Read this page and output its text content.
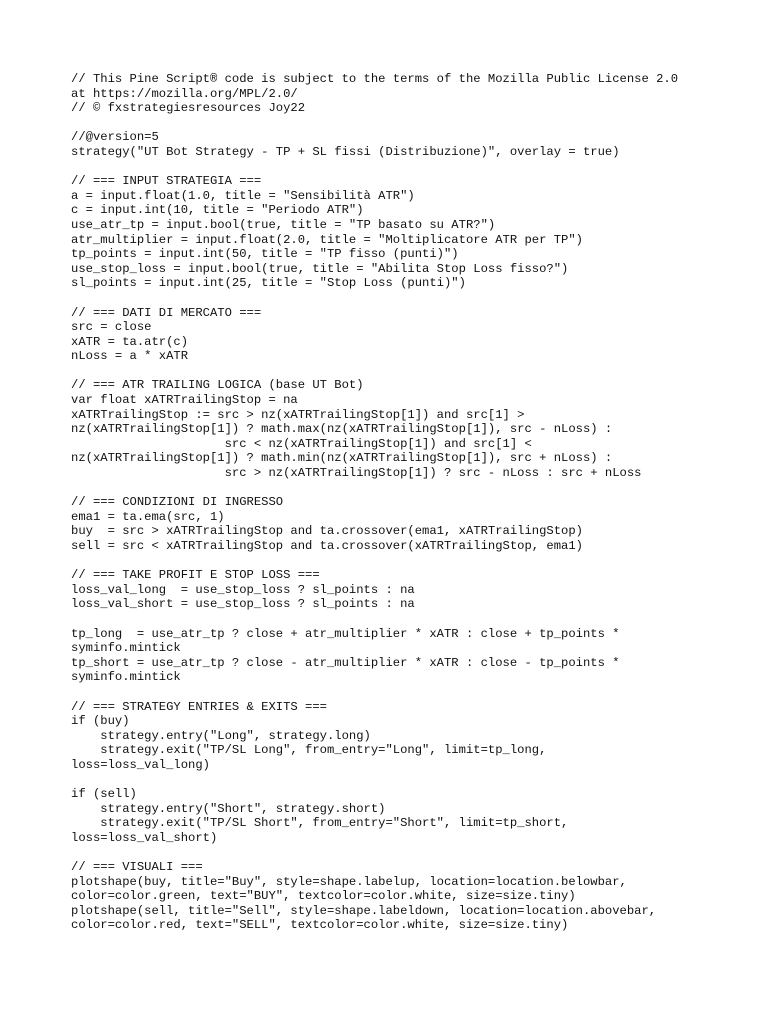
// This Pine Script® code is subject to the terms of the Mozilla Public License 2.0
at https://mozilla.org/MPL/2.0/
// © fxstrategiesresources Joy22
//@version=5
strategy("UT Bot Strategy - TP + SL fissi (Distribuzione)", overlay = true)
// === INPUT STRATEGIA ===
a = input.float(1.0, title = "Sensibilità ATR")
c = input.int(10, title = "Periodo ATR")
use_atr_tp = input.bool(true, title = "TP basato su ATR?")
atr_multiplier = input.float(2.0, title = "Moltiplicatore ATR per TP")
tp_points = input.int(50, title = "TP fisso (punti)")
use_stop_loss = input.bool(true, title = "Abilita Stop Loss fisso?")
sl_points = input.int(25, title = "Stop Loss (punti)")
// === DATI DI MERCATO ===
src = close
xATR = ta.atr(c)
nLoss = a * xATR
// === ATR TRAILING LOGICA (base UT Bot)
var float xATRTrailingStop = na
xATRTrailingStop := src > nz(xATRTrailingStop[1]) and src[1] >
nz(xATRTrailingStop[1]) ? math.max(nz(xATRTrailingStop[1]), src - nLoss) :
src < nz(xATRTrailingStop[1]) and src[1] <
nz(xATRTrailingStop[1]) ? math.min(nz(xATRTrailingStop[1]), src + nLoss) :
src > nz(xATRTrailingStop[1]) ? src - nLoss : src + nLoss
// === CONDIZIONI DI INGRESSO
ema1 = ta.ema(src, 1)
buy  = src > xATRTrailingStop and ta.crossover(ema1, xATRTrailingStop)
sell = src < xATRTrailingStop and ta.crossover(xATRTrailingStop, ema1)
// === TAKE PROFIT E STOP LOSS ===
loss_val_long  = use_stop_loss ? sl_points : na
loss_val_short = use_stop_loss ? sl_points : na
tp_long  = use_atr_tp ? close + atr_multiplier * xATR : close + tp_points *
syminfo.mintick
tp_short = use_atr_tp ? close - atr_multiplier * xATR : close - tp_points *
syminfo.mintick
// === STRATEGY ENTRIES & EXITS ===
if (buy)
strategy.entry("Long", strategy.long)
strategy.exit("TP/SL Long", from_entry="Long", limit=tp_long,
loss=loss_val_long)
if (sell)
strategy.entry("Short", strategy.short)
strategy.exit("TP/SL Short", from_entry="Short", limit=tp_short,
loss=loss_val_short)
// === VISUALI ===
plotshape(buy, title="Buy", style=shape.labelup, location=location.belowbar,
color=color.green, text="BUY", textcolor=color.white, size=size.tiny)
plotshape(sell, title="Sell", style=shape.labeldown, location=location.abovebar,
color=color.red, text="SELL", textcolor=color.white, size=size.tiny)
